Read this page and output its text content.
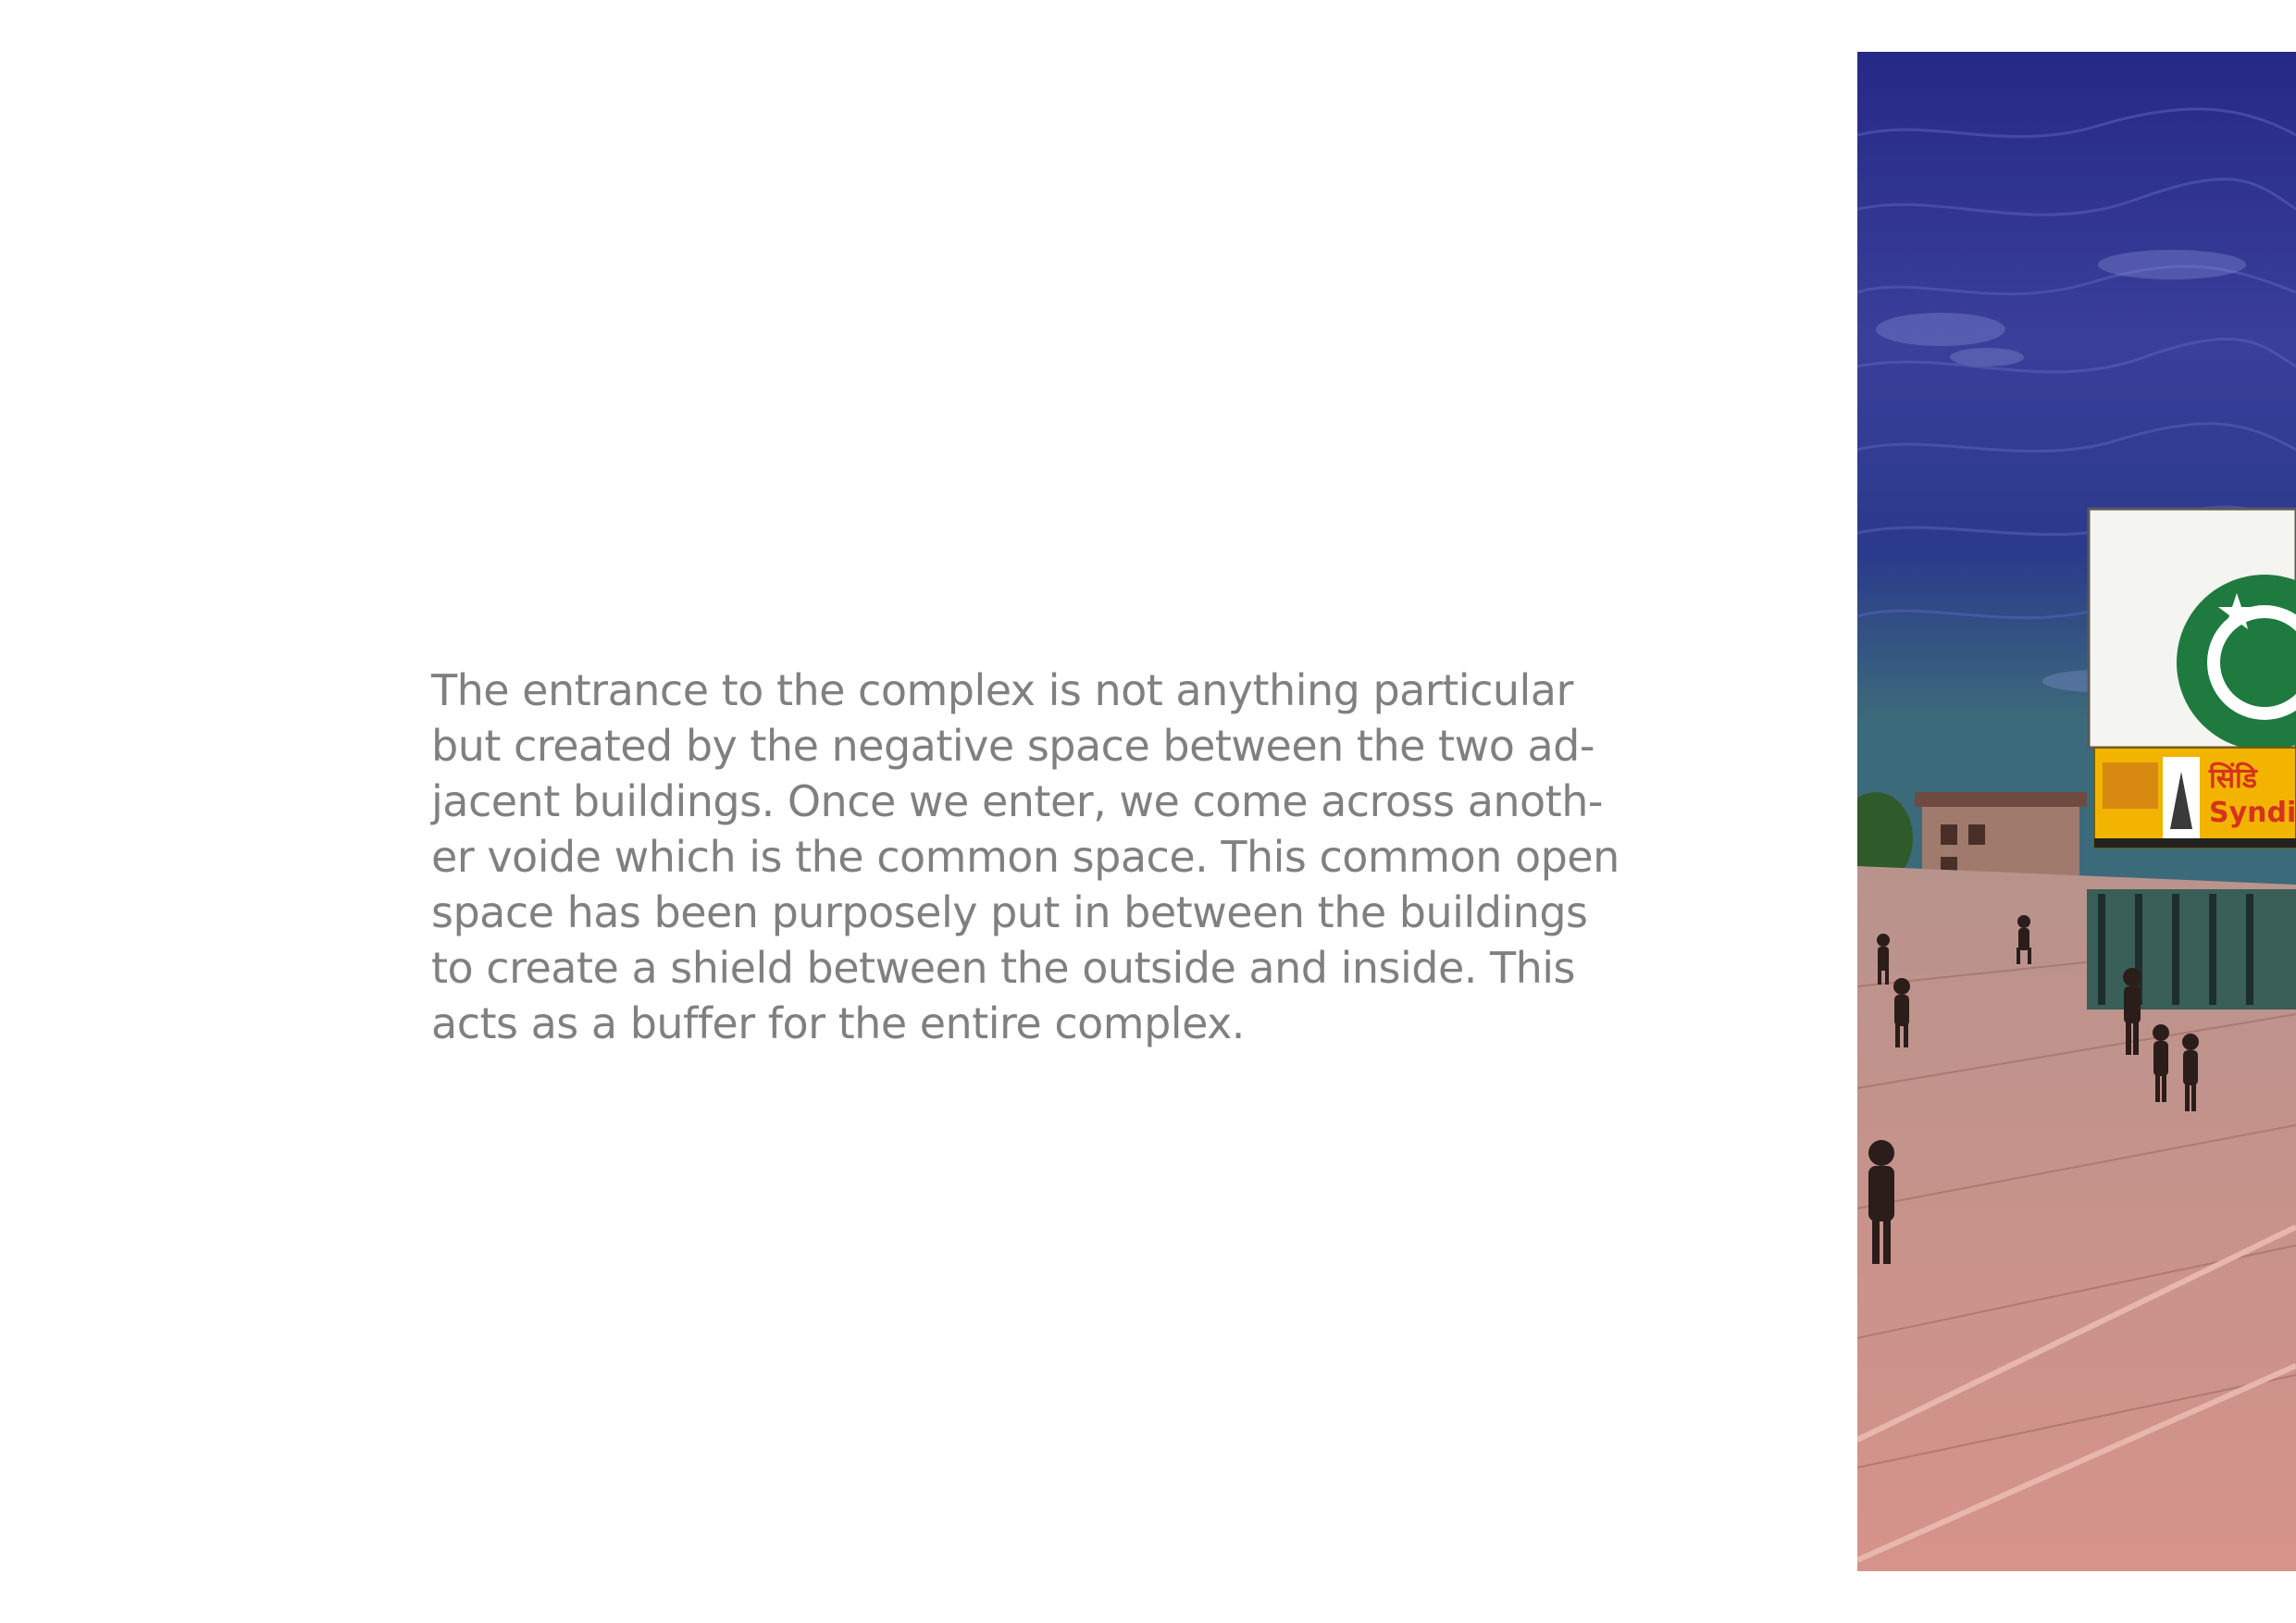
The entrance to the complex is not anything particular
but created by the negative space between the two ad-
jacent buildings. Once we enter, we come across anoth-
er voide which is the common space. This common open
space has been purposely put in between the buildings
to create a shield between the outside and inside. This
acts as a buffer for the entire complex.

सिंडि
Syndi
